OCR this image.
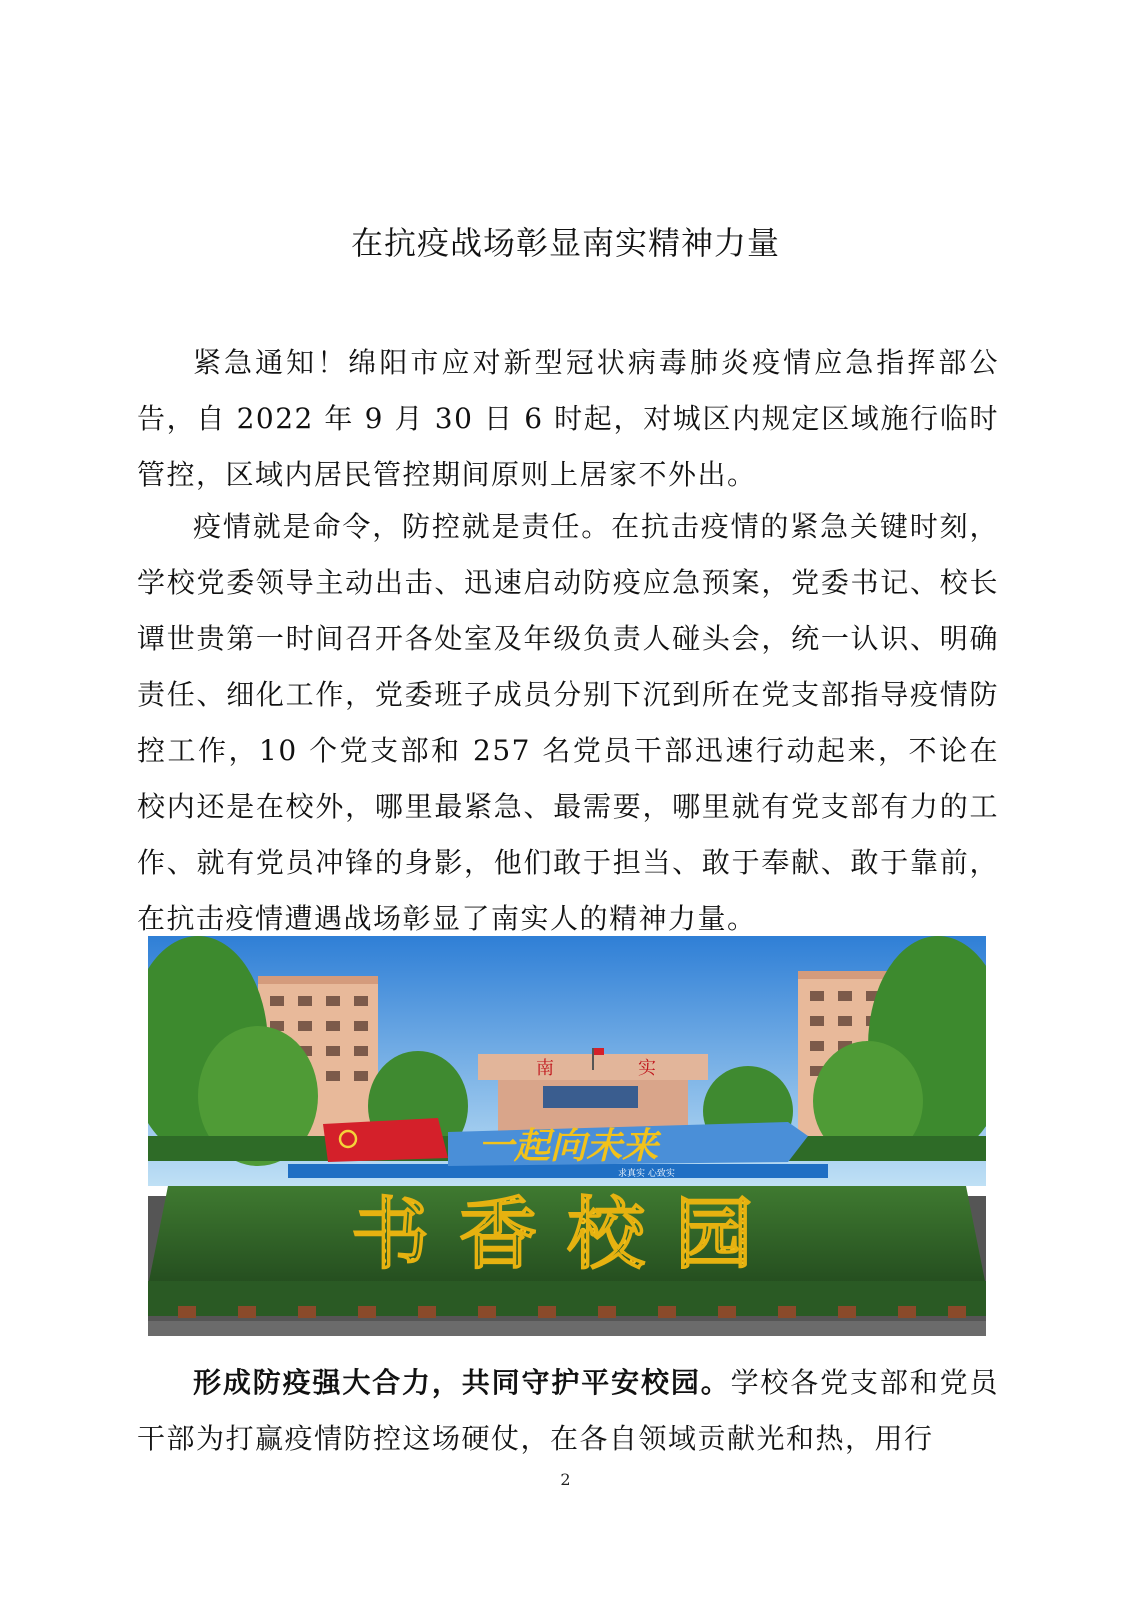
在抗疫战场彰显南实精神力量

紧急通知！绵阳市应对新型冠状病毒肺炎疫情应急指挥部公告，自 2022 年 9 月 30 日 6 时起，对城区内规定区域施行临时管控，区域内居民管控期间原则上居家不外出。

疫情就是命令，防控就是责任。在抗击疫情的紧急关键时刻，学校党委领导主动出击、迅速启动防疫应急预案，党委书记、校长谭世贵第一时间召开各处室及年级负责人碰头会，统一认识、明确责任、细化工作，党委班子成员分别下沉到所在党支部指导疫情防控工作，10 个党支部和 257 名党员干部迅速行动起来，不论在校内还是在校外，哪里最紧急、最需要，哪里就有党支部有力的工作、就有党员冲锋的身影，他们敢于担当、敢于奉献、敢于靠前，在抗击疫情遭遇战场彰显了南实人的精神力量。

南	实
一起向未来
求真实 心致实
书香校园

形成防疫强大合力，共同守护平安校园。学校各党支部和党员干部为打赢疫情防控这场硬仗，在各自领域贡献光和热，用行

2
